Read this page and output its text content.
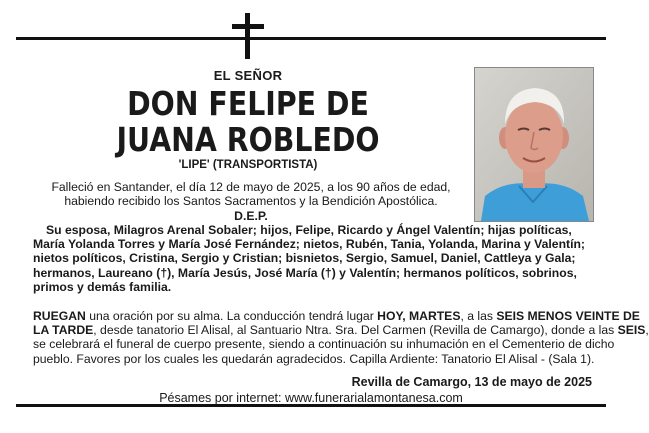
EL SEÑOR
DON FELIPE DE
JUANA ROBLEDO
'LIPE' (TRANSPORTISTA)
Falleció en Santander, el día 12 de mayo de 2025, a los 90 años de edad,
habiendo recibido los Santos Sacramentos y la Bendición Apostólica.
D.E.P.
Su esposa, Milagros Arenal Sobaler; hijos, Felipe, Ricardo y Ángel Valentín; hijas políticas,
María Yolanda Torres y María José Fernández; nietos, Rubén, Tania, Yolanda, Marina y Valentín;
nietos políticos, Cristina, Sergio y Cristian; bisnietos, Sergio, Samuel, Daniel, Cattleya y Gala;
hermanos, Laureano (†), María Jesús, José María (†) y Valentín; hermanos políticos, sobrinos,
primos y demás familia.
RUEGAN una oración por su alma. La conducción tendrá lugar HOY, MARTES, a las SEIS MENOS VEINTE DE
LA TARDE, desde tanatorio El Alisal, al Santuario Ntra. Sra. Del Carmen (Revilla de Camargo), donde a las SEIS,
se celebrará el funeral de cuerpo presente, siendo a continuación su inhumación en el Cementerio de dicho
pueblo. Favores por los cuales les quedarán agradecidos. Capilla Ardiente: Tanatorio El Alisal - (Sala 1).
Revilla de Camargo, 13 de mayo de 2025
Pésames por internet: www.funerarialamontanesa.com
